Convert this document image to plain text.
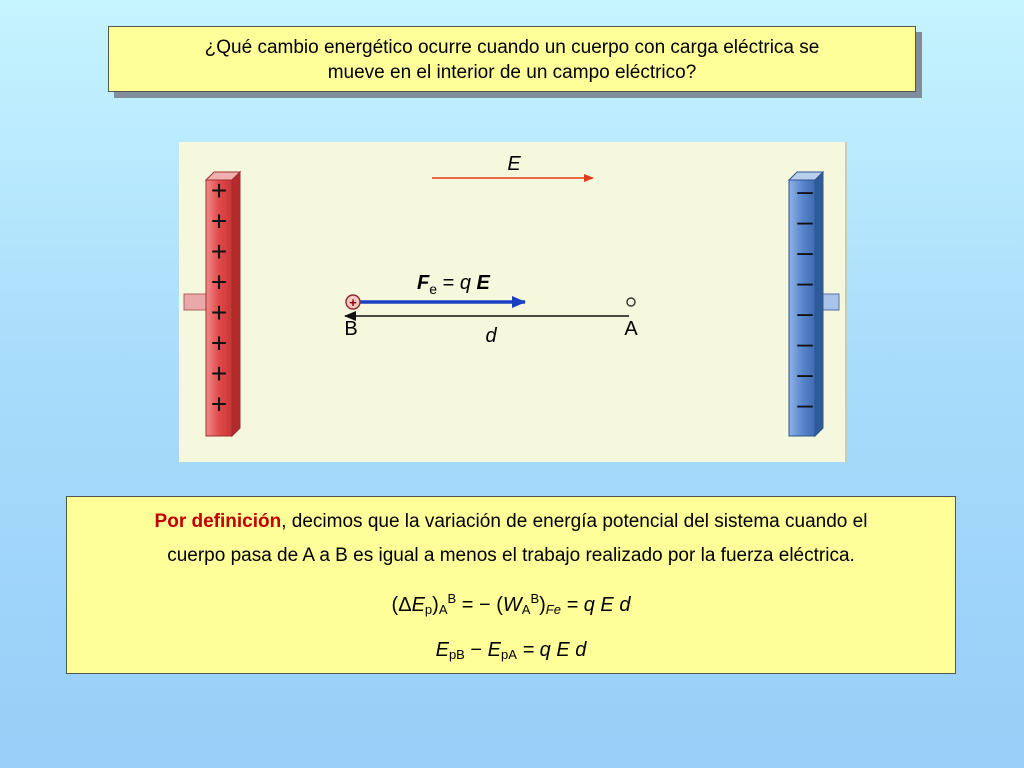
¿Qué cambio energético ocurre cuando un cuerpo con carga eléctrica se
mueve en el interior de un campo eléctrico?
+
+
+
+
+
+
+
+
–
–
–
–
–
–
–
–
E
$F_e = q$ E
+
B	A
d
Por definición, decimos que la variación de energía potencial del sistema cuando el
cuerpo pasa de A a B es igual a menos el trabajo realizado por la fuerza eléctrica.
$(\Delta E_p)_A^B$ = − $(W_A^B)_{Fe} = q$ E d
$E_{pB} - E_{pA} = q$ E d
